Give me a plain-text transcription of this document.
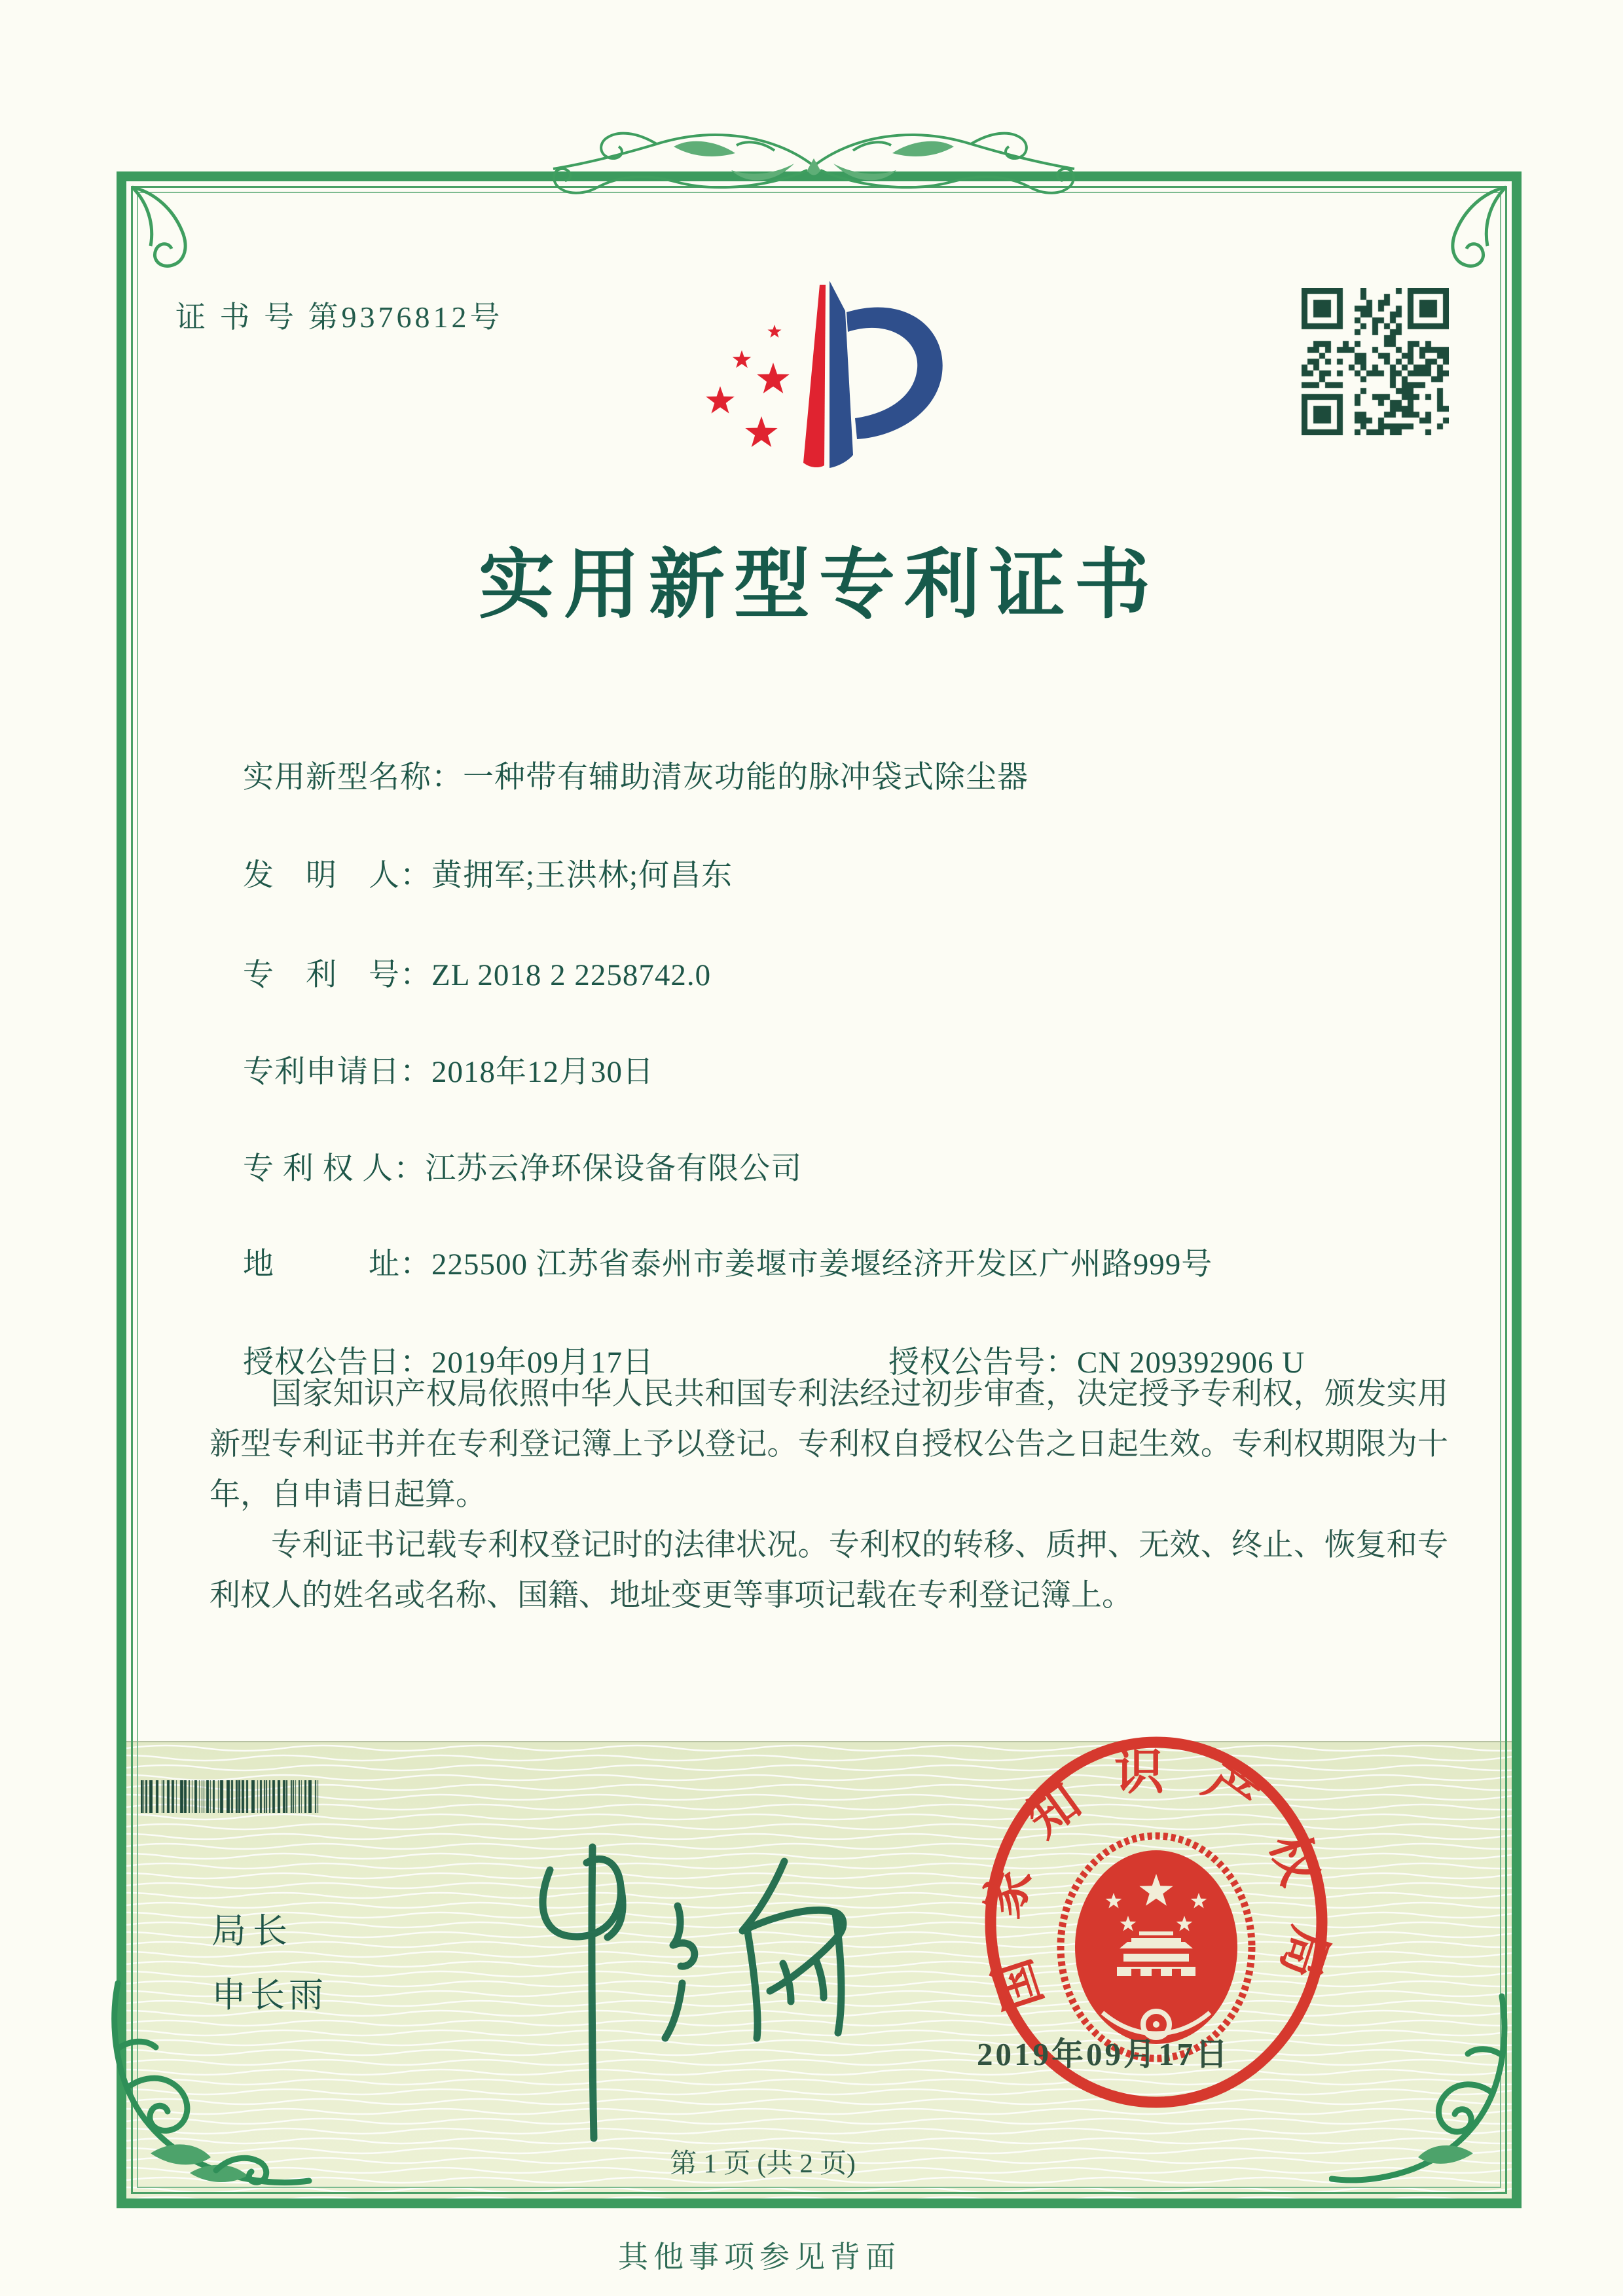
证 书 号 第9376812号
实用新型专利证书

实用新型名称：一种带有辅助清灰功能的脉冲袋式除尘器

发　明　人：黄拥军;王洪林;何昌东

专　利　号：ZL 2018 2 2258742.0

专利申请日：2018年12月30日

专 利 权 人：江苏云净环保设备有限公司

地　　　址：225500 江苏省泰州市姜堰市姜堰经济开发区广州路999号

授权公告日：2019年09月17日
	授权公告号：CN 209392906 U

国家知识产权局依照中华人民共和国专利法经过初步审查，决定授予专利权，颁发实用新型专利证书并在专利登记簿上予以登记。专利权自授权公告之日起生效。专利权期限为十年，自申请日起算。

专利证书记载专利权登记时的法律状况。专利权的转移、质押、无效、终止、恢复和专利权人的姓名或名称、国籍、地址变更等事项记载在专利登记簿上。

局长
申长雨	国家知识产权局
2019年09月17日
第 1 页 (共 2 页)
其他事项参见背面
